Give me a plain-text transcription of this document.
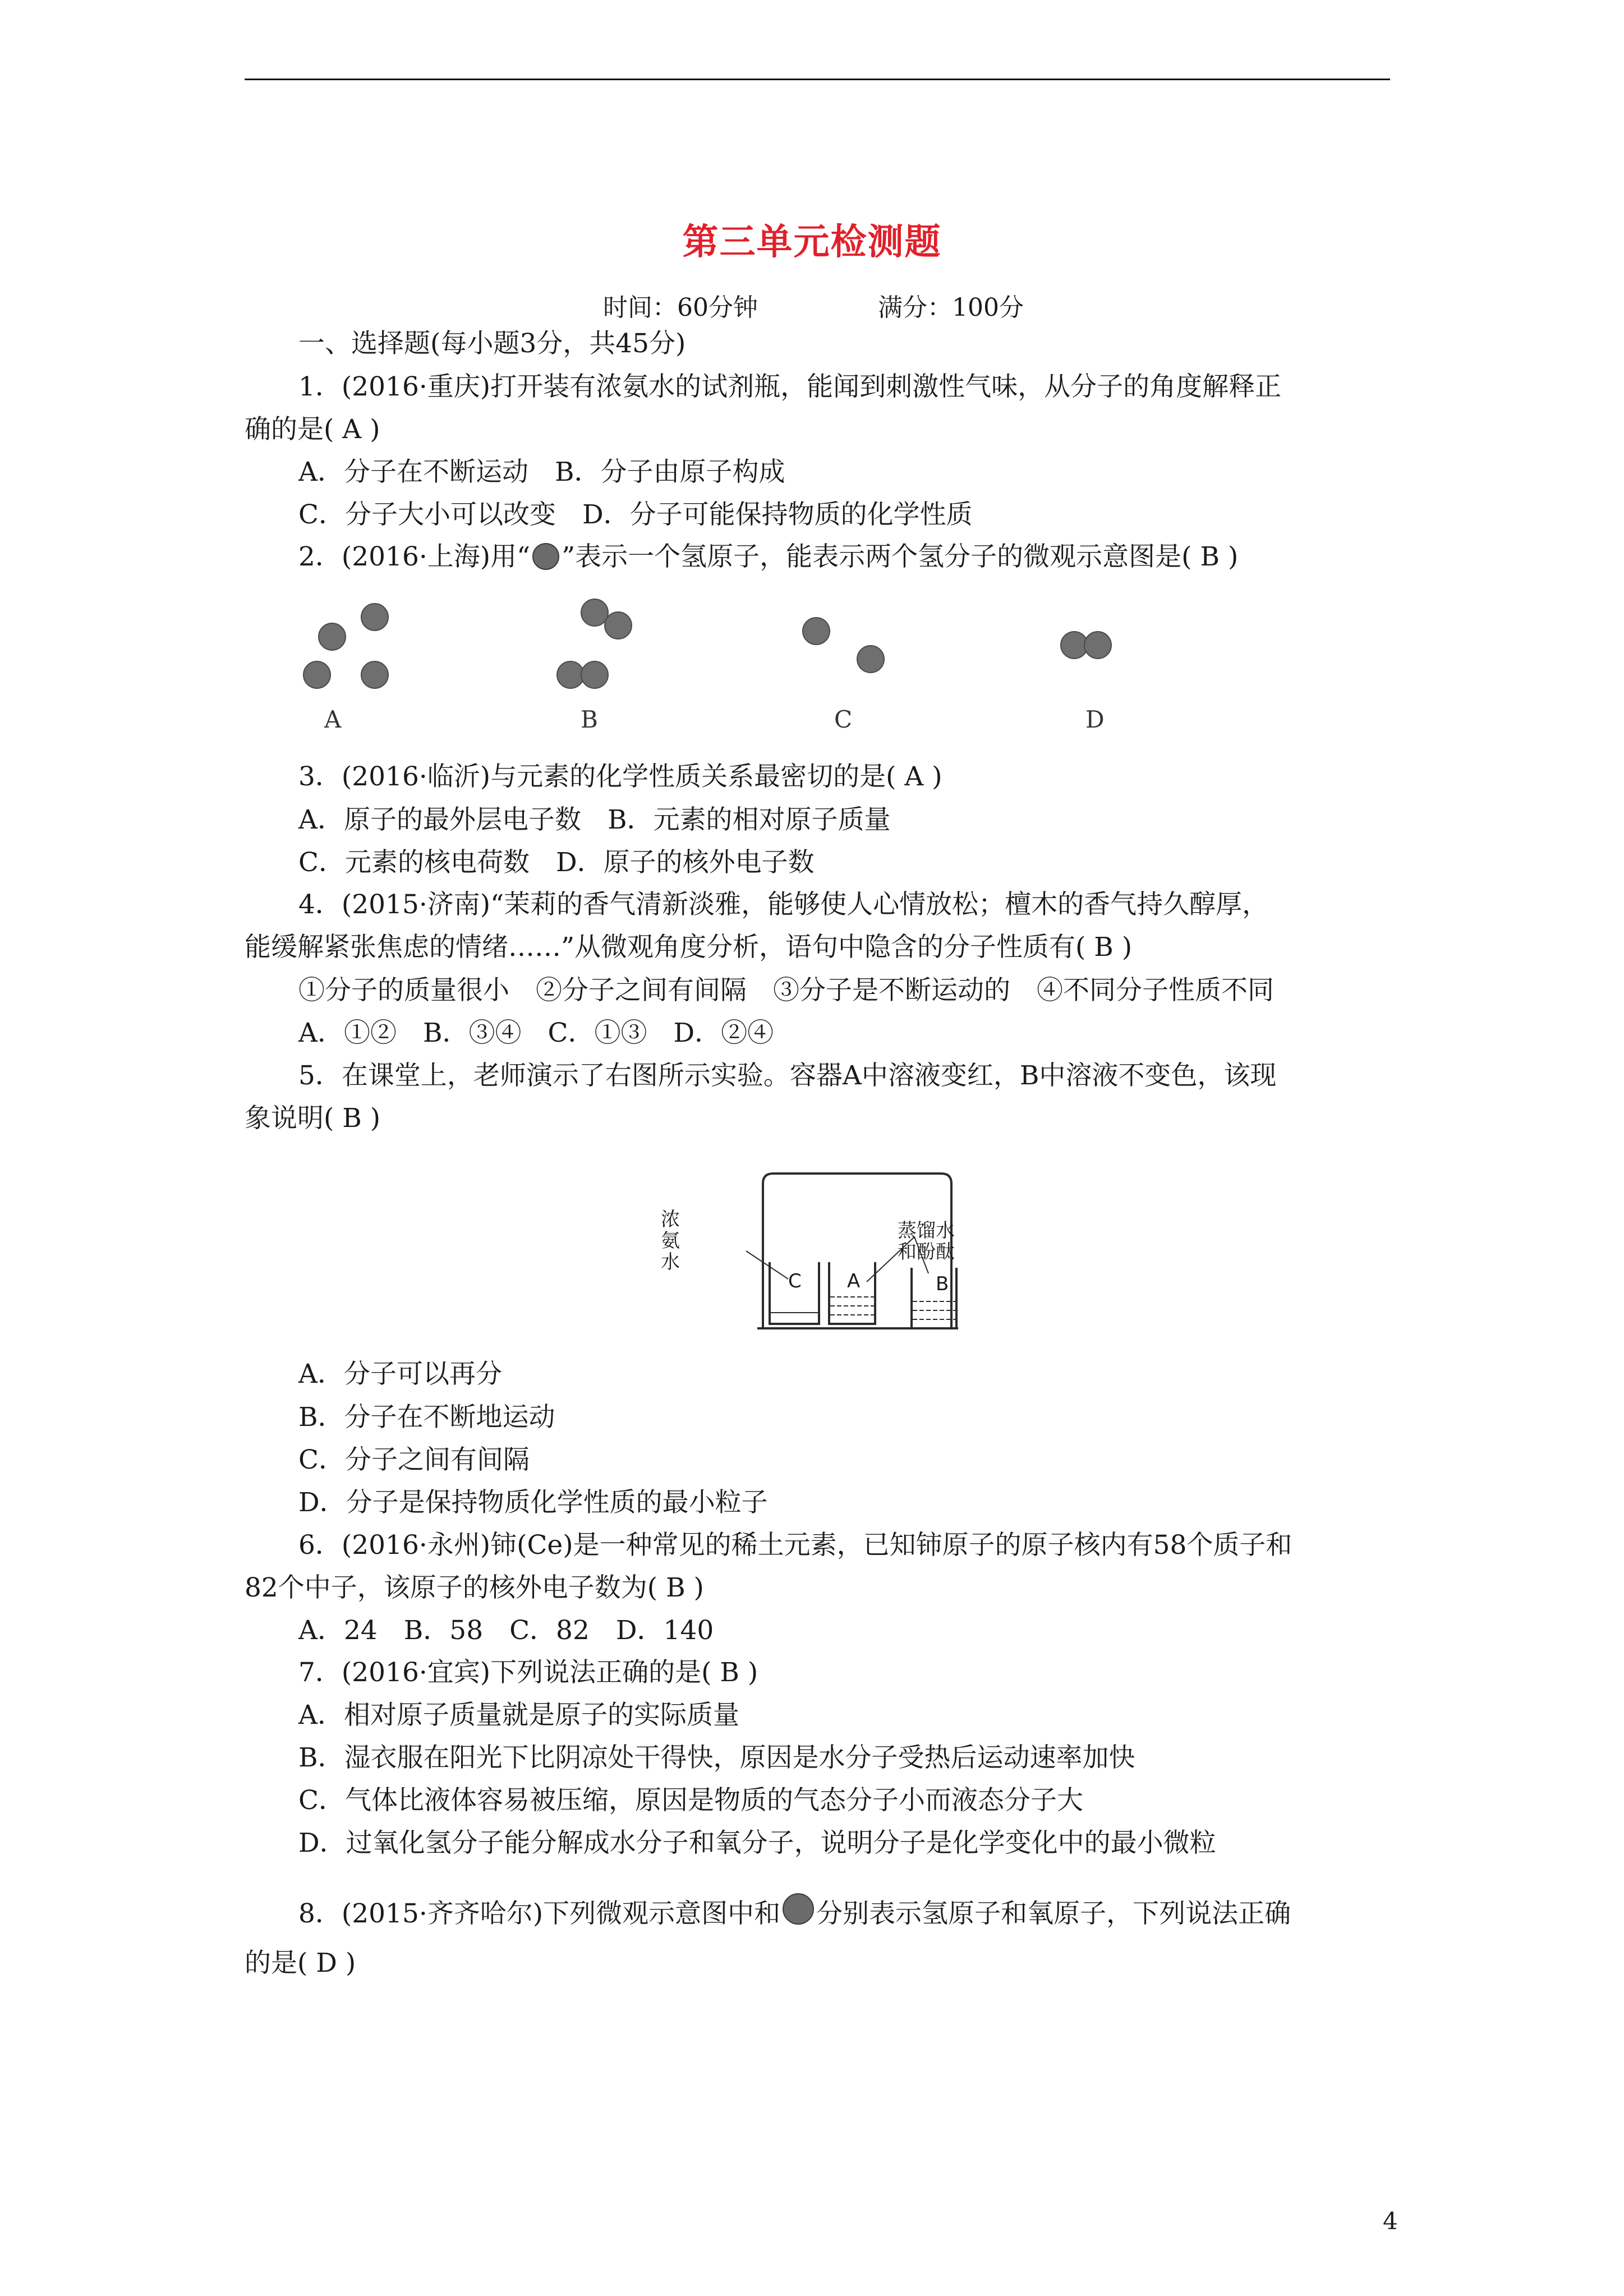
第三单元检测题
时间：60分钟	满分：100分
一、选择题(每小题3分，共45分)
1．(2016·重庆)打开装有浓氨水的试剂瓶，能闻到刺激性气味，从分子的角度解释正
确的是( A )
A．分子在不断运动　B．分子由原子构成
C．分子大小可以改变　D．分子可能保持物质的化学性质
2．(2016·上海)用“ ”表示一个氢原子，能表示两个氢分子的微观示意图是( B )
A	B	C	D
3．(2016·临沂)与元素的化学性质关系最密切的是( A )
A．原子的最外层电子数　B．元素的相对原子质量
C．元素的核电荷数　D．原子的核外电子数
4．(2015·济南)“茉莉的香气清新淡雅，能够使人心情放松；檀木的香气持久醇厚，
能缓解紧张焦虑的情绪……”从微观角度分析，语句中隐含的分子性质有( B )
①分子的质量很小　②分子之间有间隔　③分子是不断运动的　④不同分子性质不同
A．①②　B．③④　C．①③　D．②④
5．在课堂上，老师演示了右图所示实验。容器A中溶液变红，B中溶液不变色，该现
象说明( B )
浓
氨
水
蒸馏水
和酚酞
C A	B
A．分子可以再分
B．分子在不断地运动
C．分子之间有间隔
D．分子是保持物质化学性质的最小粒子
6．(2016·永州)铈(Ce)是一种常见的稀土元素，已知铈原子的原子核内有58个质子和
82个中子，该原子的核外电子数为( B )
A．24　B．58　C．82　D．140
7．(2016·宜宾)下列说法正确的是( B )
A．相对原子质量就是原子的实际质量
B．湿衣服在阳光下比阴凉处干得快，原因是水分子受热后运动速率加快
C．气体比液体容易被压缩，原因是物质的气态分子小而液态分子大
D．过氧化氢分子能分解成水分子和氧分子，说明分子是化学变化中的最小微粒
8．(2015·齐齐哈尔)下列微观示意图中和 分别表示氢原子和氧原子，下列说法正确
的是( D )
4
